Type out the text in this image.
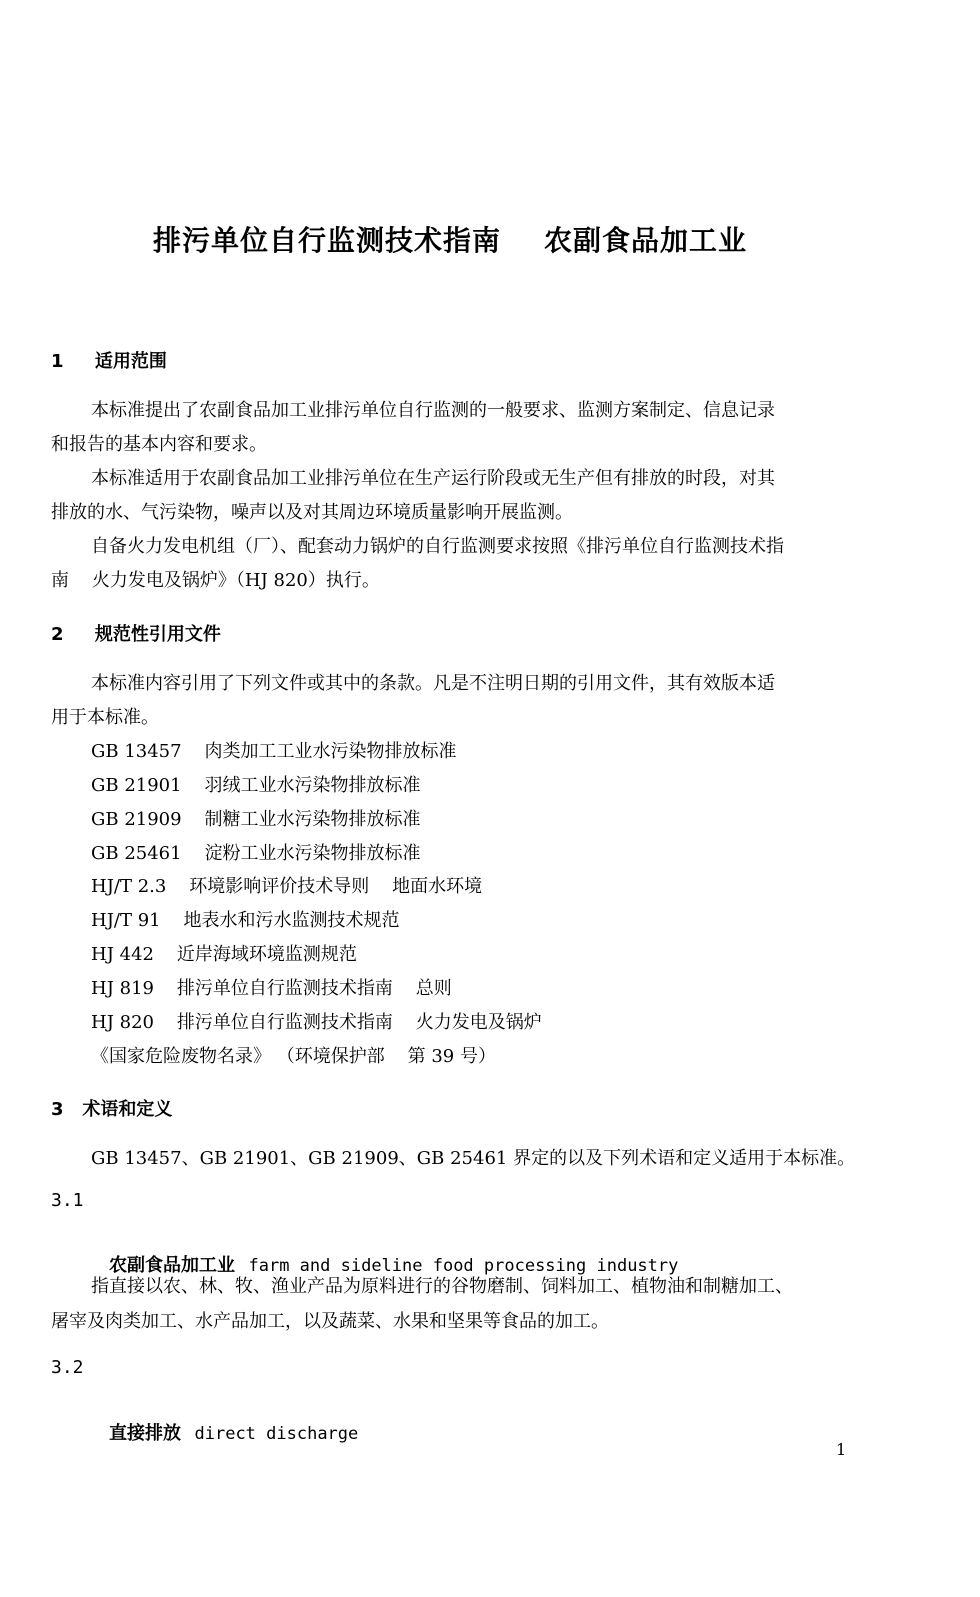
排污单位自行监测技术指南    农副食品加工业
1     适用范围
本标准提出了农副食品加工业排污单位自行监测的一般要求、监测方案制定、信息记录
和报告的基本内容和要求。
本标准适用于农副食品加工业排污单位在生产运行阶段或无生产但有排放的时段，对其
排放的水、气污染物，噪声以及对其周边环境质量影响开展监测。
自备火力发电机组（厂）、配套动力锅炉的自行监测要求按照《排污单位自行监测技术指
南    火力发电及锅炉》（HJ 820）执行。
2     规范性引用文件
本标准内容引用了下列文件或其中的条款。凡是不注明日期的引用文件，其有效版本适
用于本标准。
GB 13457    肉类加工工业水污染物排放标准
GB 21901    羽绒工业水污染物排放标准
GB 21909    制糖工业水污染物排放标准
GB 25461    淀粉工业水污染物排放标准
HJ/T 2.3    环境影响评价技术导则    地面水环境
HJ/T 91    地表水和污水监测技术规范
HJ 442    近岸海域环境监测规范
HJ 819    排污单位自行监测技术指南    总则
HJ 820    排污单位自行监测技术指南    火力发电及锅炉
《国家危险废物名录》 （环境保护部    第 39 号）
3   术语和定义
GB 13457、GB 21901、GB 21909、GB 25461 界定的以及下列术语和定义适用于本标准。
3.1

农副食品加工业 farm and sideline food processing industry

指直接以农、林、牧、渔业产品为原料进行的谷物磨制、饲料加工、植物油和制糖加工、
屠宰及肉类加工、水产品加工，以及蔬菜、水果和坚果等食品的加工。
3.2

直接排放 direct discharge

1
